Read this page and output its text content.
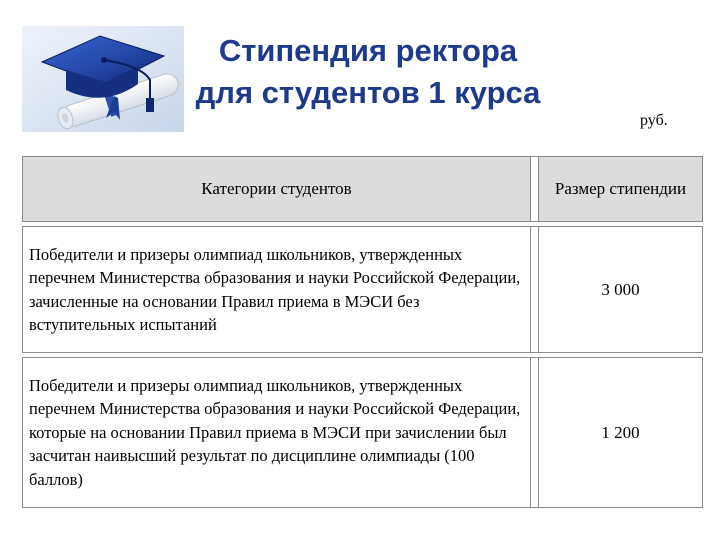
Стипендия ректора
для студентов 1 курса
руб.
Категории студентов		Размер стипендии

Победители и призеры олимпиад школьников, утвержденных перечнем Министерства образования и науки Российской Федерации, зачисленные на основании Правил приема в МЭСИ без вступительных испытаний		3 000

Победители и призеры олимпиад школьников, утвержденных перечнем Министерства образования и науки Российской Федерации, которые на основании Правил приема в МЭСИ при зачислении был засчитан наивысший результат по дисциплине олимпиады (100 баллов)		1 200
